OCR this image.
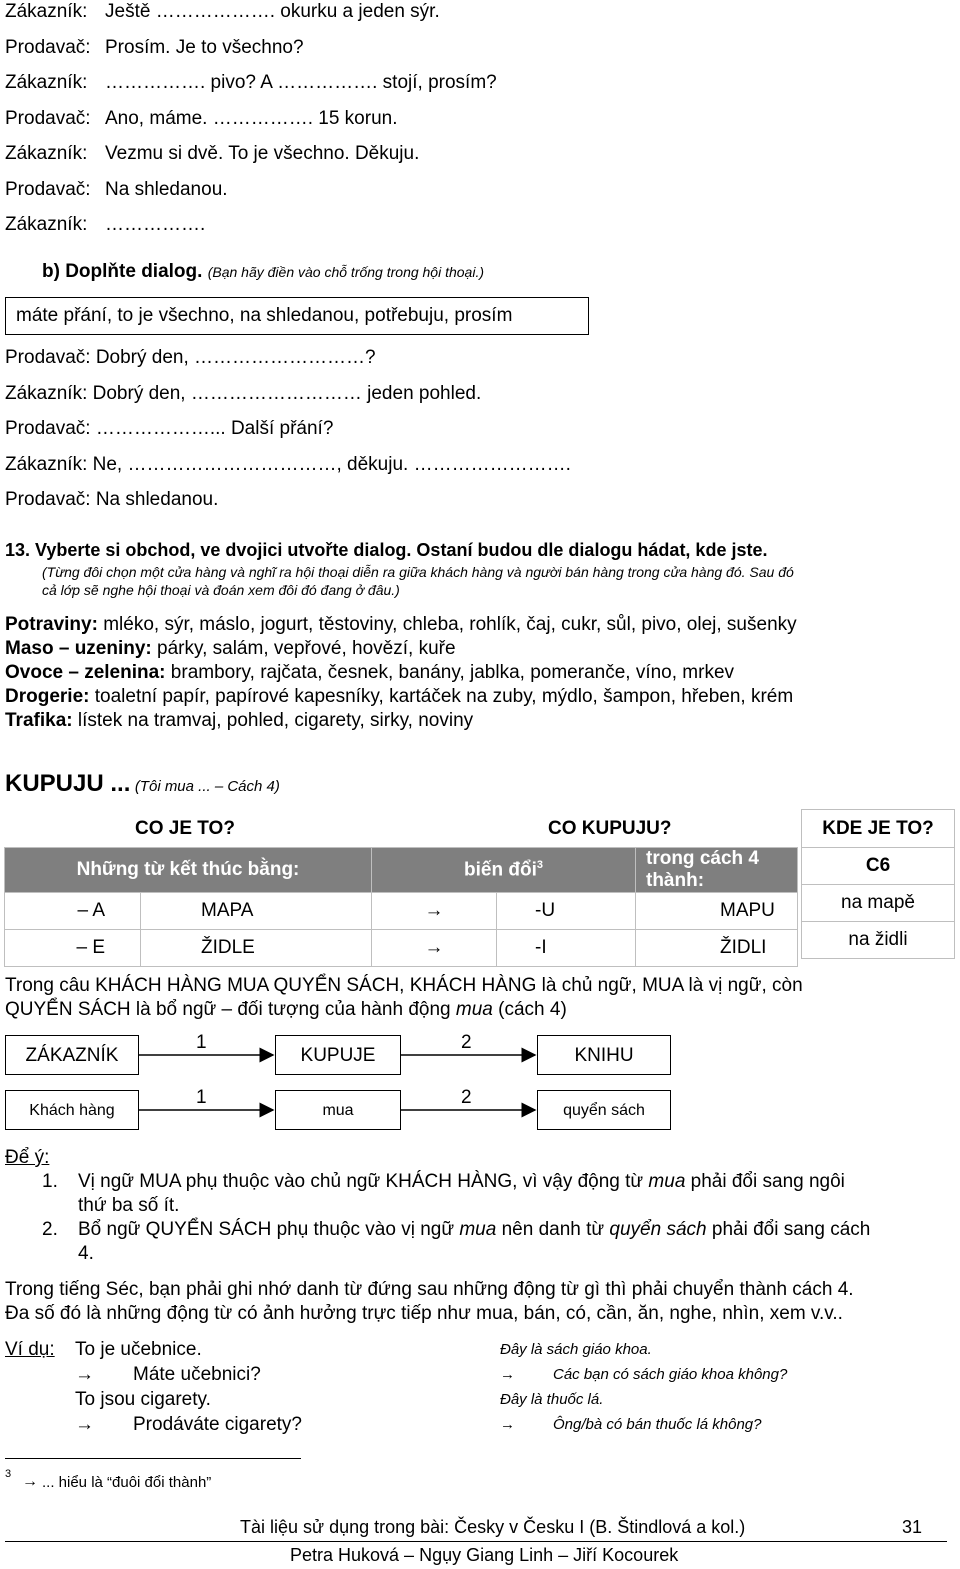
Zákazník: Ještě ………………. okurku a jeden sýr.
Prodavač: Prosím. Je to všechno?
Zákazník: ……………. pivo? A ……………. stojí, prosím?
Prodavač: Ano, máme. ……………. 15 korun.
Zákazník: Vezmu si dvě. To je všechno. Děkuju.
Prodavač: Na shledanou.
Zákazník: …………….
b) Doplňte dialog. (Bạn hãy điền vào chỗ trống trong hội thoại.)
máte přání, to je všechno, na shledanou, potřebuju, prosím
Prodavač: Dobrý den, ………………………?
Zákazník: Dobrý den, ……………………… jeden pohled.
Prodavač: ………………... Další přání?
Zákazník: Ne, ……………………………, děkuju. …………………….
Prodavač: Na shledanou.
13. Vyberte si obchod, ve dvojici utvořte dialog. Ostaní budou dle dialogu hádat, kde jste.
(Từng đôi chọn một cửa hàng và nghĩ ra hội thoại diễn ra giữa khách hàng và người bán hàng trong cửa hàng đó. Sau đó
cả lớp sẽ nghe hội thoại và đoán xem đôi đó đang ở đâu.)
Potraviny: mléko, sýr, máslo, jogurt, těstoviny, chleba, rohlík, čaj, cukr, sůl, pivo, olej, sušenky
Maso – uzeniny: párky, salám, vepřové, hovězí, kuře
Ovoce – zelenina: brambory, rajčata, česnek, banány, jablka, pomeranče, víno, mrkev
Drogerie: toaletní papír, papírové kapesníky, kartáček na zuby, mýdlo, šampon, hřeben, krém
Trafika: lístek na tramvaj, pohled, cigarety, sirky, noviny
KUPUJU ... (Tôi mua ... – Cách 4)
CO JE TO?	CO KUPUJU?
Những từ kết thúc bằng:		biến đổi$^3$		trong cách 4 thành:
– A	MAPA	→	-U	MAPU
– E	ŽIDLE	→	-I	ŽIDLI
KDE JE TO?
C6
na mapě
na židli
Trong câu KHÁCH HÀNG MUA QUYỂN SÁCH, KHÁCH HÀNG là chủ ngữ, MUA là vị ngữ, còn
QUYỂN SÁCH là bổ ngữ – đối tượng của hành động mua (cách 4)
ZÁKAZNÍK	KUPUJE	KNIHU
Khách hàng	mua	quyển sách
1	2
1	2
Để ý:
1. Vị ngữ MUA phụ thuộc vào chủ ngữ KHÁCH HÀNG, vì vậy động từ mua phải đổi sang ngôi
thứ ba số ít.
2. Bổ ngữ QUYỂN SÁCH phụ thuộc vào vị ngữ mua nên danh từ quyển sách phải đổi sang cách
4.
Trong tiếng Séc, bạn phải ghi nhớ danh từ đứng sau những động từ gì thì phải chuyển thành cách 4.
Đa số đó là những động từ có ảnh hưởng trực tiếp như mua, bán, có, cần, ăn, nghe, nhìn, xem v.v..
Ví dụ: To je učebnice.	Đây là sách giáo khoa.
→ Máte učebnici?	→	Các bạn có sách giáo khoa không?
To jsou cigarety.	Đây là thuốc lá.
→ Prodáváte cigarety?	→	Ông/bà có bán thuốc lá không?
3 → ... hiểu là “đuôi đổi thành”
Tài liệu sử dụng trong bài: Česky v Česku I (B. Štindlová a kol.)	31
Petra Huková – Ngụy Giang Linh – Jiří Kocourek
